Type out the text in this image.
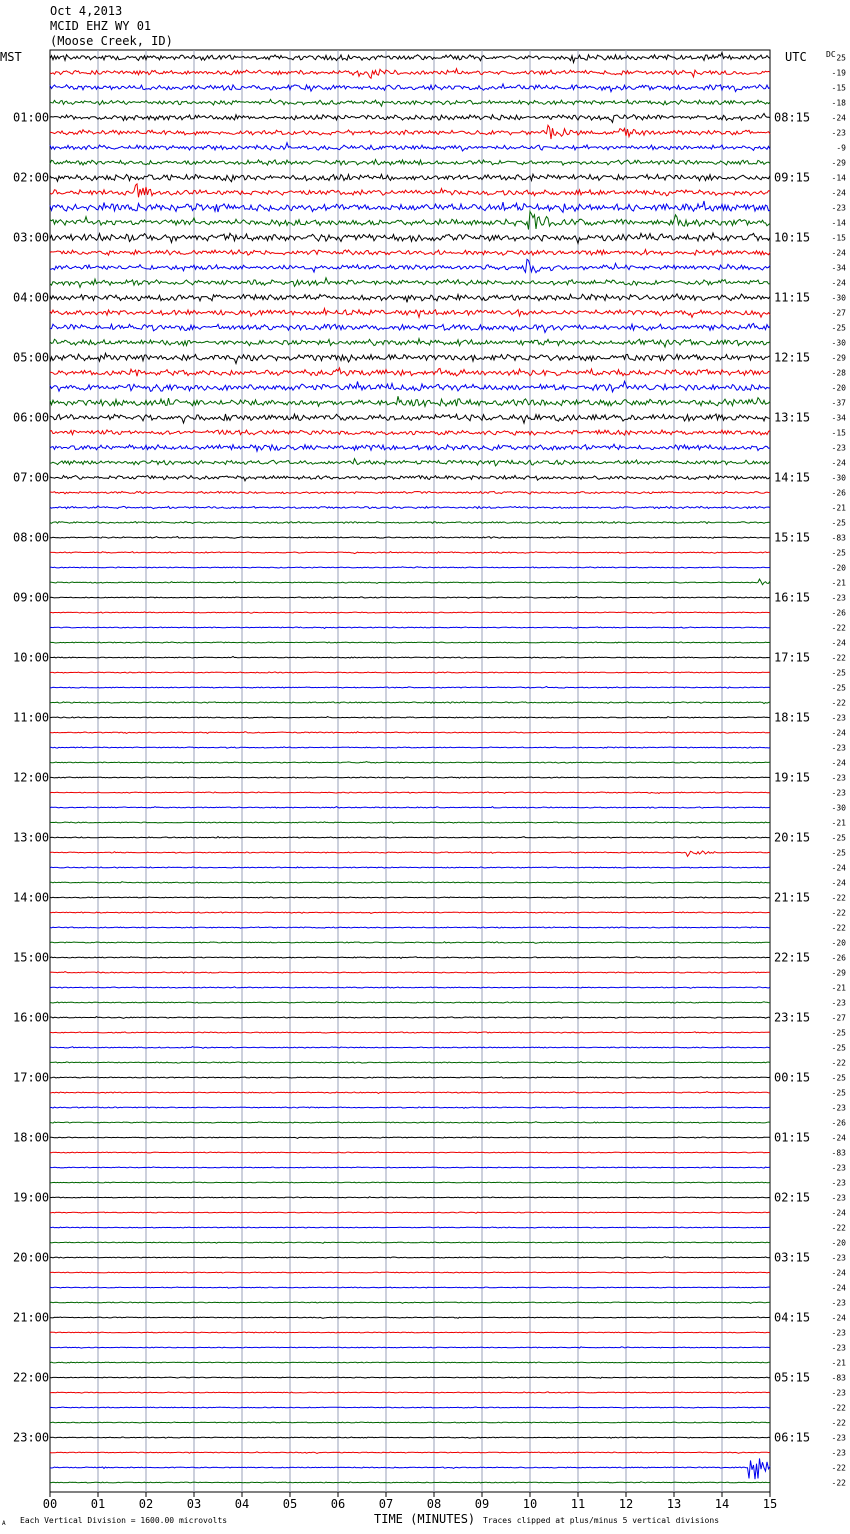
Oct 4,2013
MCID EHZ WY 01
(Moose Creek, ID)
MST	UTC DC
01:00
02:00
03:00
04:00
05:00
06:00
07:00
08:00
09:00
10:00
11:00
12:00
13:00
14:00
15:00
16:00
17:00
18:00
19:00
20:00
21:00
22:00
23:00
08:15
09:15
10:15
11:15
12:15
13:15
14:15
15:15
16:15
17:15
18:15
19:15
20:15
21:15
22:15
23:15
00:15
01:15
02:15
03:15
04:15
05:15
06:15
25
-19
-15
-18
-24
-23
-9
-29
-14
-24
-23
-14
-15
-24
-34
-24
-30
-27
-25
-30
-29
-28
-20
-37
-34
-15
-23
-24
-30
-26
-21
-25
-83
-25
-20
-21
-23
-26
-22
-24
-22
-25
-25
-22
-23
-24
-23
-24
-23
-23
-30
-21
-25
-25
-24
-24
-22
-22
-22
-20
-26
-29
-21
-23
-27
-25
-25
-22
-25
-25
-23
-26
-24
-83
-23
-23
-23
-24
-22
-20
-23
-24
-24
-23
-24
-23
-23
-21
-83
-23
-22
-22
-23
-23
-22
-22
00	01	02	03	04	05	06	07	08	09	10	11	12	13	14	15
A Each Vertical Division = 1600.00 microvolts	TIME (MINUTES) Traces clipped at plus/minus 5 vertical divisions
